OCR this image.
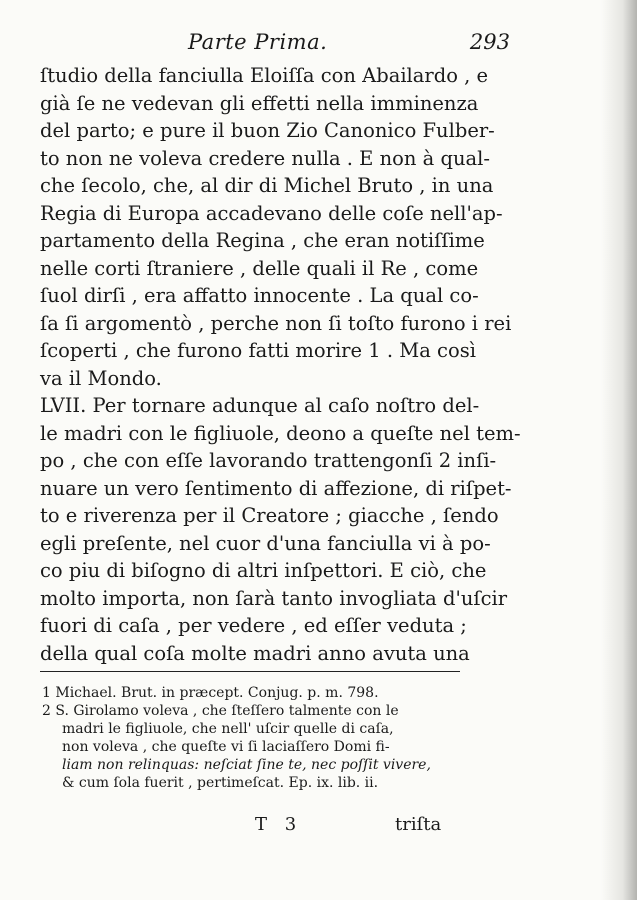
Parte Prima.	293
ſtudio della fanciulla Eloiſſa con Abailardo , e
già ſe ne vedevan gli effetti nella imminenza
del parto; e pure il buon Zio Canonico Fulber-
to non ne voleva credere nulla . E non à qual-
che ſecolo, che, al dir di Michel Bruto , in una
Regia di Europa accadevano delle coſe nell'ap-
partamento della Regina , che eran notiſſime
nelle corti ſtraniere , delle quali il Re , come
ſuol dirſi , era affatto innocente . La qual co-
ſa ſi argomentò , perche non ſi toſto furono i rei
ſcoperti , che furono fatti morire 1 . Ma così
va il Mondo.
LVII. Per tornare adunque al caſo noſtro del-
le madri con le figliuole, deono a queſte nel tem-
po , che con eſſe lavorando trattengonſi 2 inſi-
nuare un vero ſentimento di affezione, di riſpet-
to e riverenza per il Creatore ; giacche , ſendo
egli preſente, nel cuor d'una fanciulla vi à po-
co piu di biſogno di altri inſpettori. E ciò, che
molto importa, non ſarà tanto invogliata d'uſcir
fuori di caſa , per vedere , ed eſſer veduta ;
della qual coſa molte madri anno avuta una
1 Michael. Brut. in præcept. Conjug. p. m. 798.
2 S. Girolamo voleva , che ſteſſero talmente con le
madri le figliuole, che nell' uſcir quelle di caſa,
non voleva , che queſte vi ſi laciaſſero Domi fi-
liam non relinquas: neſciat ſine te, nec poſſit vivere,
& cum ſola fuerit , pertimeſcat. Ep. ix. lib. ii.
T 3	triſta
